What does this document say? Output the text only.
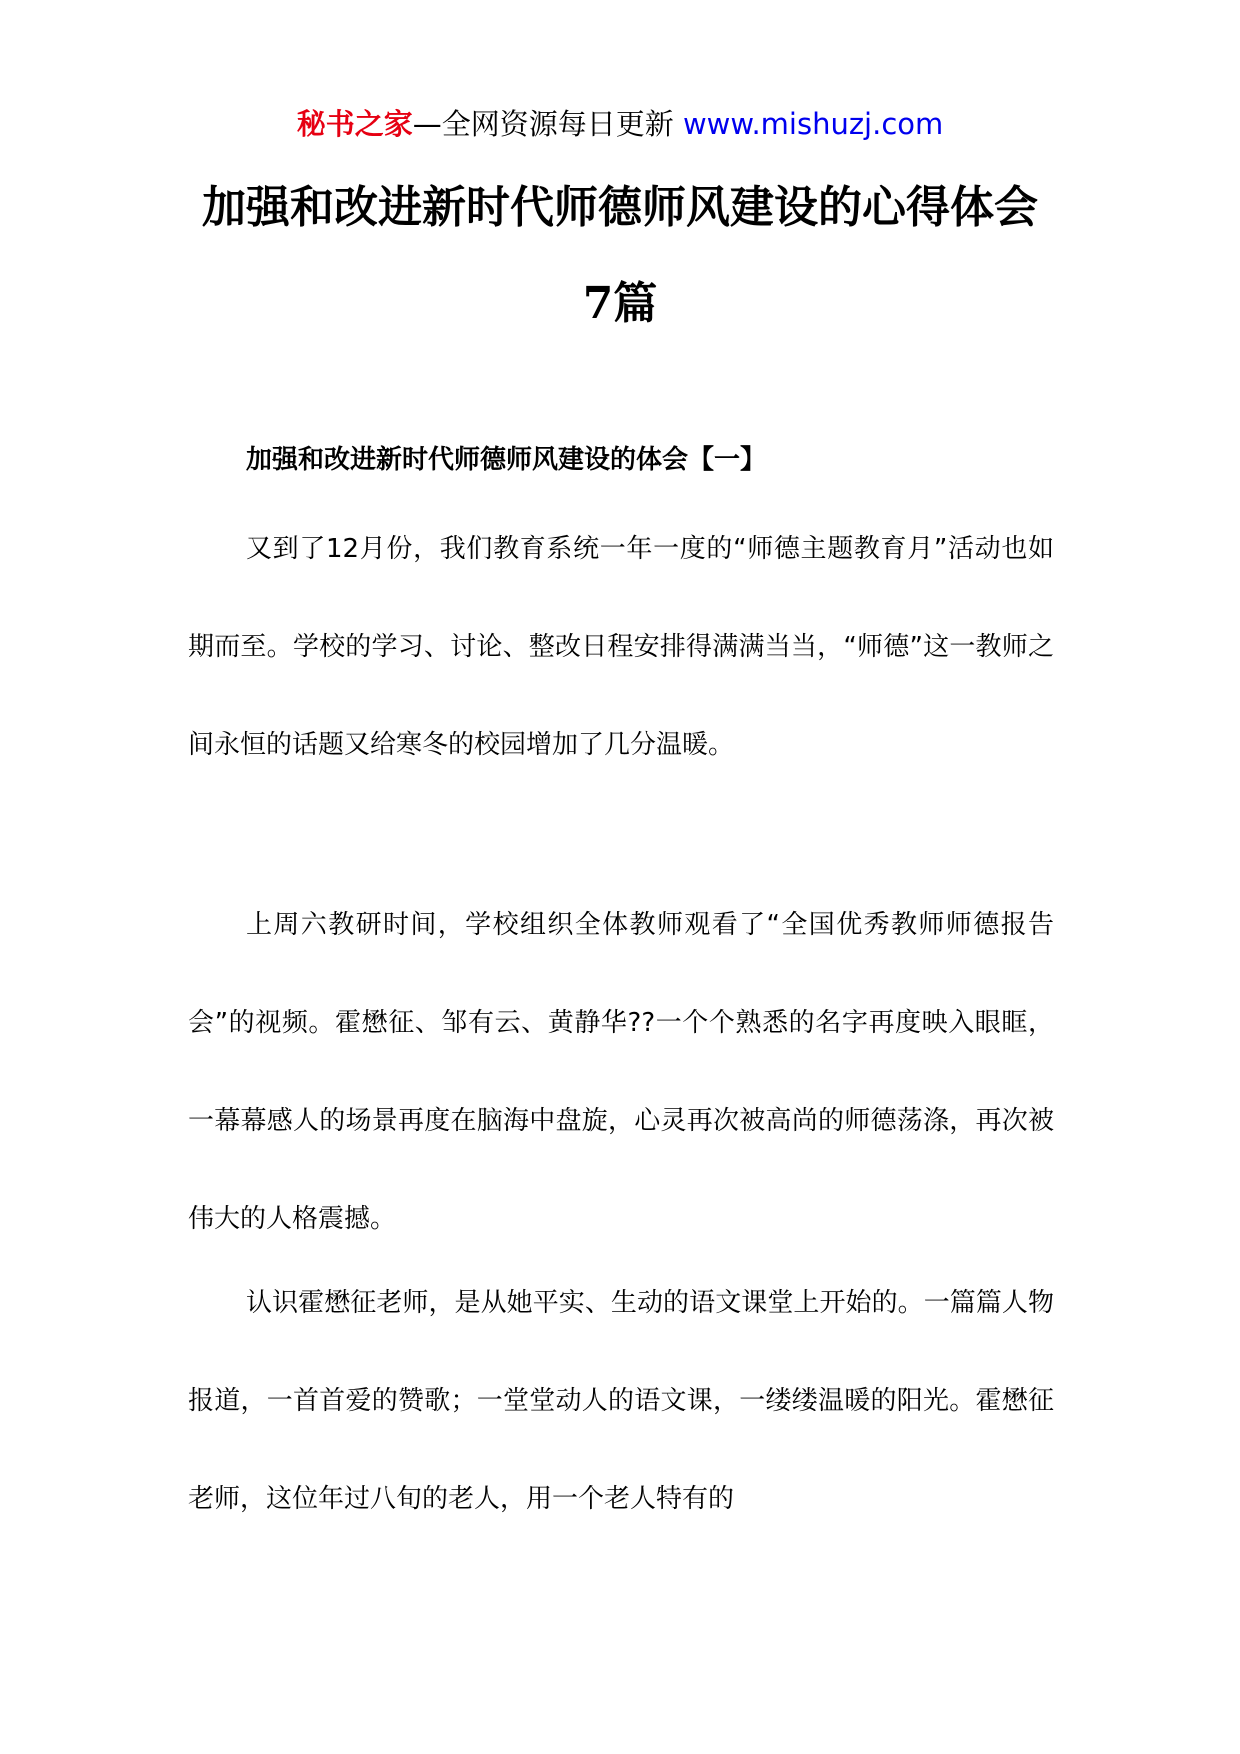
秘书之家—全网资源每日更新 www.mishuzj.com
加强和改进新时代师德师风建设的心得体会7篇
加强和改进新时代师德师风建设的体会【一】

又到了12月份，我们教育系统一年一度的“师德主题教育月”活动也如期而至。学校的学习、讨论、整改日程安排得满满当当，“师德”这一教师之间永恒的话题又给寒冬的校园增加了几分温暖。

上周六教研时间，学校组织全体教师观看了“全国优秀教师师德报告会”的视频。霍懋征、邹有云、黄静华??一个个熟悉的名字再度映入眼眶，一幕幕感人的场景再度在脑海中盘旋，心灵再次被高尚的师德荡涤，再次被伟大的人格震撼。

认识霍懋征老师，是从她平实、生动的语文课堂上开始的。一篇篇人物报道，一首首爱的赞歌；一堂堂动人的语文课，一缕缕温暖的阳光。霍懋征老师，这位年过八旬的老人，用一个老人特有的
